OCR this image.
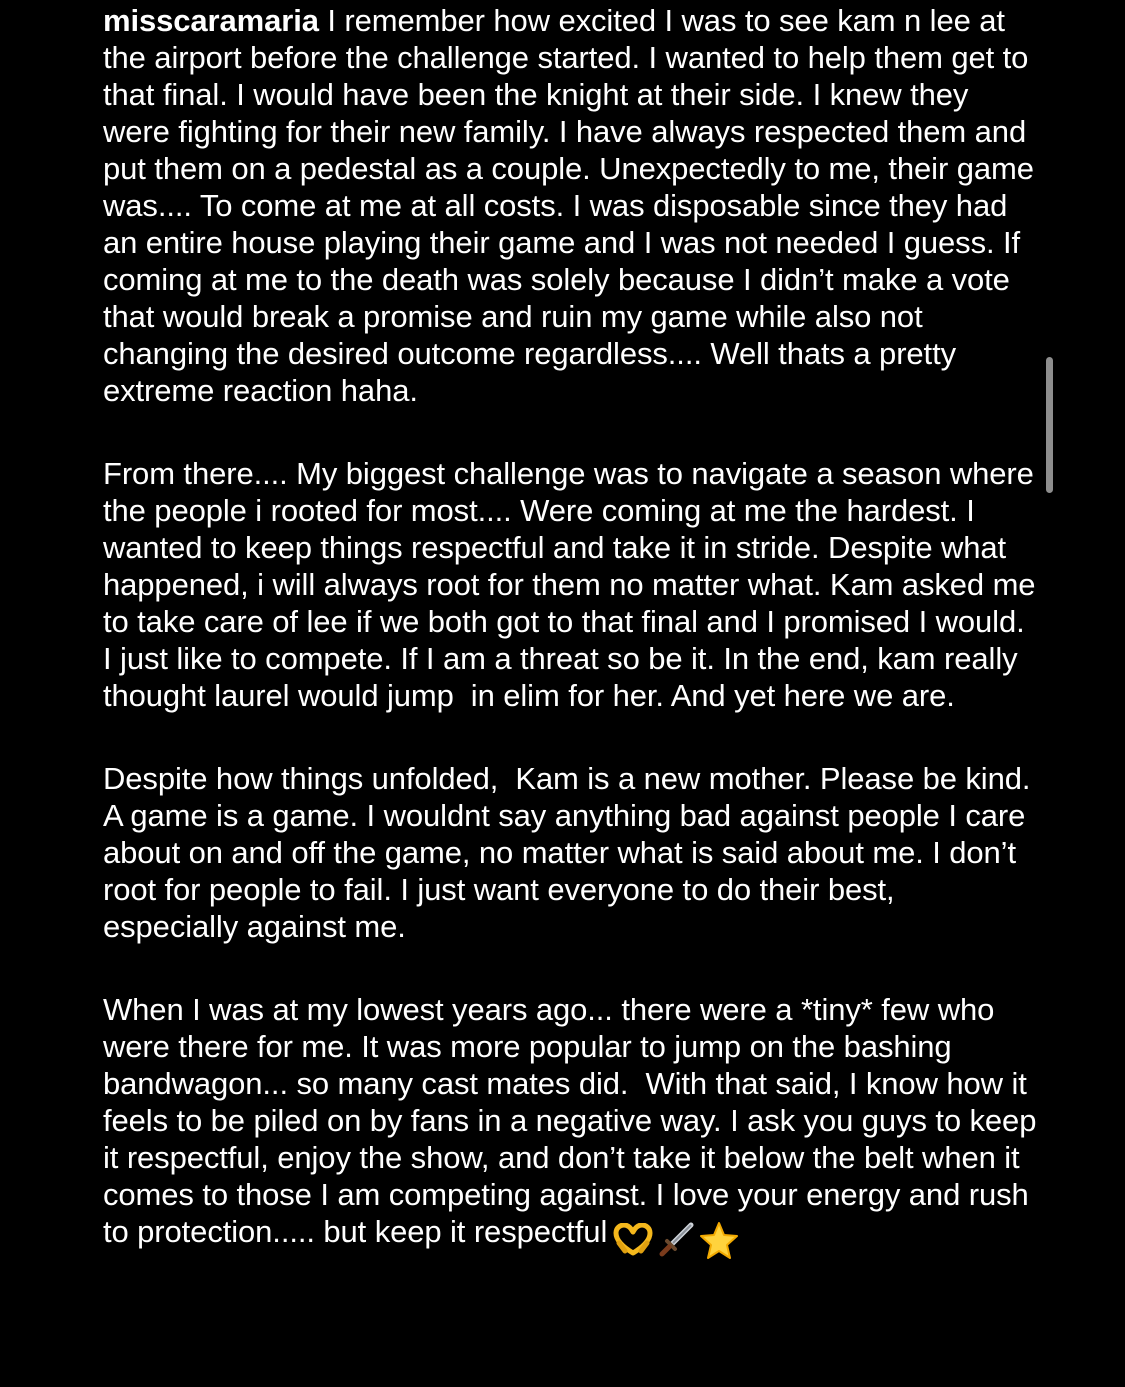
misscaramaria I remember how excited I was to see kam n lee at the airport before the challenge started. I wanted to help them get to that final. I would have been the knight at their side. I knew they were fighting for their new family. I have always respected them and put them on a pedestal as a couple. Unexpectedly to me, their game was.... To come at me at all costs. I was disposable since they had an entire house playing their game and I was not needed I guess. If coming at me to the death was solely because I didn’t make a vote that would break a promise and ruin my game while also not changing the desired outcome regardless.... Well thats a pretty extreme reaction haha.

From there.... My biggest challenge was to navigate a season where the people i rooted for most.... Were coming at me the hardest. I wanted to keep things respectful and take it in stride. Despite what happened, i will always root for them no matter what. Kam asked me to take care of lee if we both got to that final and I promised I would. I just like to compete. If I am a threat so be it. In the end, kam really thought laurel would jump  in elim for her. And yet here we are.

Despite how things unfolded,  Kam is a new mother. Please be kind. A game is a game. I wouldnt say anything bad against people I care about on and off the game, no matter what is said about me. I don’t root for people to fail. I just want everyone to do their best, especially against me.

When I was at my lowest years ago... there were a *tiny* few who were there for me. It was more popular to jump on the bashing bandwagon... so many cast mates did.  With that said, I know how it feels to be piled on by fans in a negative way. I ask you guys to keep it respectful, enjoy the show, and don’t take it below the belt when it comes to those I am competing against. I love your energy and rush to protection..... but keep it respectful
